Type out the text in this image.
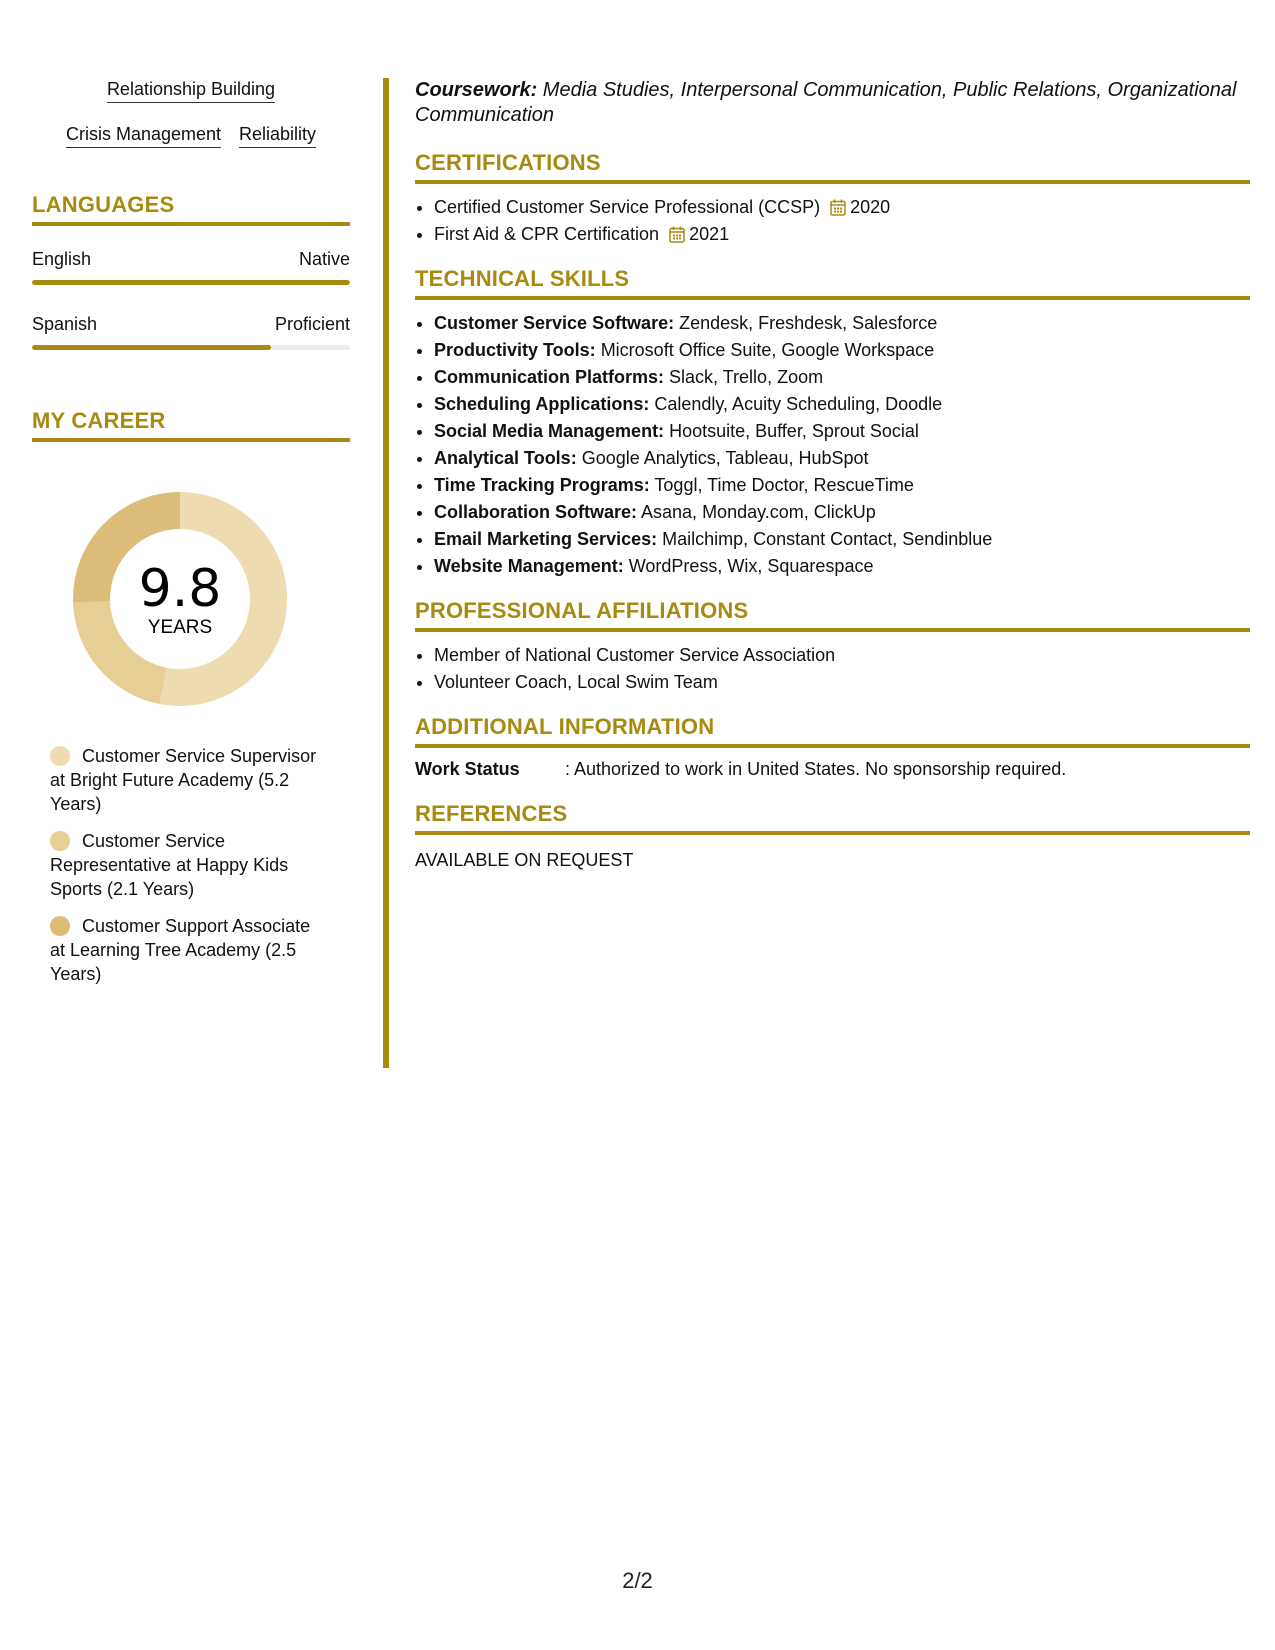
Relationship Building
Crisis Management Reliability
LANGUAGES
English	Native
Spanish	Proficient
MY CAREER
9.8
YEARS
Customer Service Supervisor at Bright Future Academy (5.2 Years)
Customer Service Representative at Happy Kids Sports (2.1 Years)
Customer Support Associate at Learning Tree Academy (2.5 Years)

Coursework: Media Studies, Interpersonal Communication, Public Relations, Organizational Communication

CERTIFICATIONS
• Certified Customer Service Professional (CCSP) 2020
• First Aid & CPR Certification 2021
TECHNICAL SKILLS
• Customer Service Software: Zendesk, Freshdesk, Salesforce
• Productivity Tools: Microsoft Office Suite, Google Workspace
• Communication Platforms: Slack, Trello, Zoom
• Scheduling Applications: Calendly, Acuity Scheduling, Doodle
• Social Media Management: Hootsuite, Buffer, Sprout Social
• Analytical Tools: Google Analytics, Tableau, HubSpot
• Time Tracking Programs: Toggl, Time Doctor, RescueTime
• Collaboration Software: Asana, Monday.com, ClickUp
• Email Marketing Services: Mailchimp, Constant Contact, Sendinblue
• Website Management: WordPress, Wix, Squarespace
PROFESSIONAL AFFILIATIONS
• Member of National Customer Service Association
• Volunteer Coach, Local Swim Team
ADDITIONAL INFORMATION
Work Status	: Authorized to work in United States. No sponsorship required.
REFERENCES
AVAILABLE ON REQUEST
2/2
